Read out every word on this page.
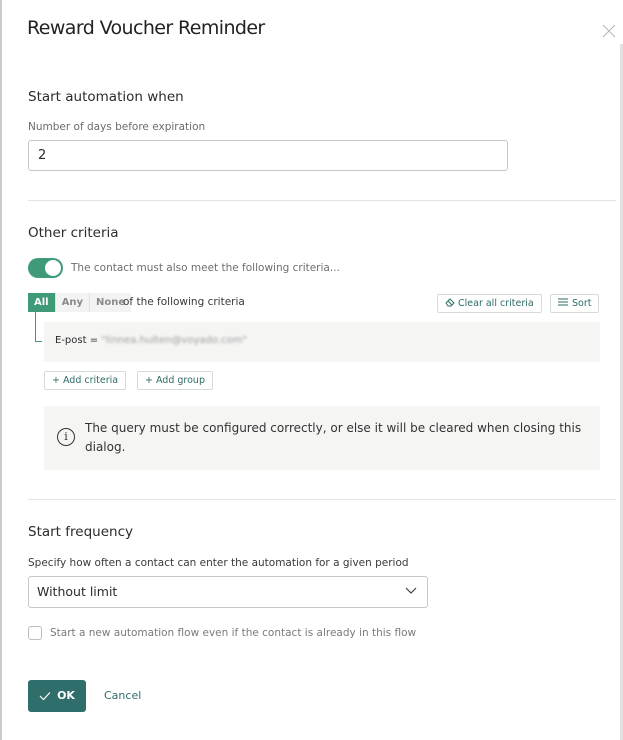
Reward Voucher Reminder
Start automation when
Number of days before expiration
2
Other criteria
The contact must also meet the following criteria...
All	Any	None
of the following criteria	Clear all criteria	Sort
E-post = "linnea.hulten@voyado.com"
+ Add criteria	+ Add group
i
The query must be configured correctly, or else it will be cleared when closing this dialog.
Start frequency
Specify how often a contact can enter the automation for a given period
Without limit
Start a new automation flow even if the contact is already in this flow
OK	Cancel
